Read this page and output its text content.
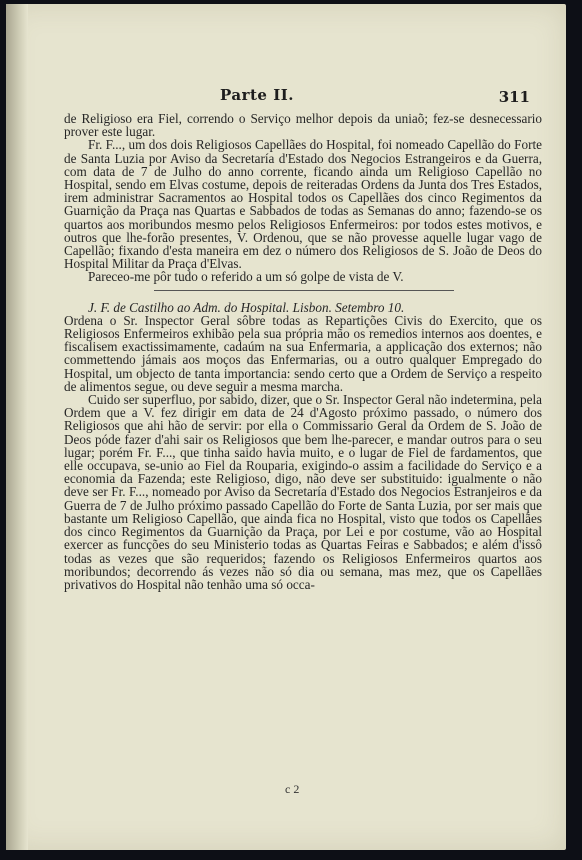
Parte II.	311

de Religioso era Fiel, correndo o Serviço melhor depois da uniaõ; fez-se desnecessario prover este lugar.

Fr. F..., um dos dois Religiosos Capellães do Hospital, foi nomeado Capellão do Forte de Santa Luzia por Aviso da Secretaría d'Estado dos Negocios Estrangeiros e da Guerra, com data de 7 de Julho do anno corrente, ficando ainda um Religioso Capellão no Hospital, sendo em Elvas costume, depois de reiteradas Ordens da Junta dos Tres Estados, irem administrar Sacramentos ao Hospital todos os Capellães dos cinco Regimentos da Guarnição da Praça nas Quartas e Sabbados de todas as Semanas do anno; fazendo-se os quartos aos moribundos mesmo pelos Religiosos Enfermeiros: por todos estes motivos, e outros que lhe-forão presentes, V. Ordenou, que se não provesse aquelle lugar vago de Capellão; fixando d'esta maneira em dez o número dos Religiosos de S. João de Deos do Hospital Militar da Praça d'Elvas.

Pareceo-me pôr tudo o referido a um só golpe de vista de V.

J. F. de Castilho ao Adm. do Hospital. Lisbon. Setembro 10.

Ordena o Sr. Inspector Geral sôbre todas as Repartições Civis do Exercito, que os Religiosos Enfermeiros exhibão pela sua própria mão os remedios internos aos doentes, e fiscalisem exactissimamente, cadaúm na sua Enfermaria, a applicação dos externos; não commettendo jámais aos moços das Enfermarias, ou a outro qualquer Empregado do Hospital, um objecto de tanta importancia: sendo certo que a Ordem de Serviço a respeito de alimentos segue, ou deve seguir a mesma marcha.

Cuido ser superfluo, por sabido, dizer, que o Sr. Inspector Geral não indetermina, pela Ordem que a V. fez dirigir em data de 24 d'Agosto próximo passado, o número dos Religiosos que ahi hão de servir: por ella o Commissario Geral da Ordem de S. João de Deos póde fazer d'ahi sair os Religiosos que bem lhe-parecer, e mandar outros para o seu lugar; porém Fr. F..., que tinha saido havia muito, e o lugar de Fiel de fardamentos, que elle occupava, se-unio ao Fiel da Rouparia, exigindo-o assim a facilidade do Serviço e a economia da Fazenda; este Religioso, digo, não deve ser substituido: igualmente o não deve ser Fr. F..., nomeado por Aviso da Secretaría d'Estado dos Negocios Estranjeiros e da Guerra de 7 de Julho próximo passado Capellão do Forte de Santa Luzia, por ser mais que bastante um Religioso Capellão, que ainda fica no Hospital, visto que todos os Capellães dos cinco Regimentos da Guarnição da Praça, por Lei e por costume, vão ao Hospital exercer as funcções do seu Ministerio todas as Quartas Feiras e Sabbados; e além d'issô todas as vezes que são requeridos; fazendo os Religiosos Enfermeiros quartos aos moribundos; decorrendo ás vezes não só dia ou semana, mas mez, que os Capellães privativos do Hospital não tenhão uma só occa-

c 2
